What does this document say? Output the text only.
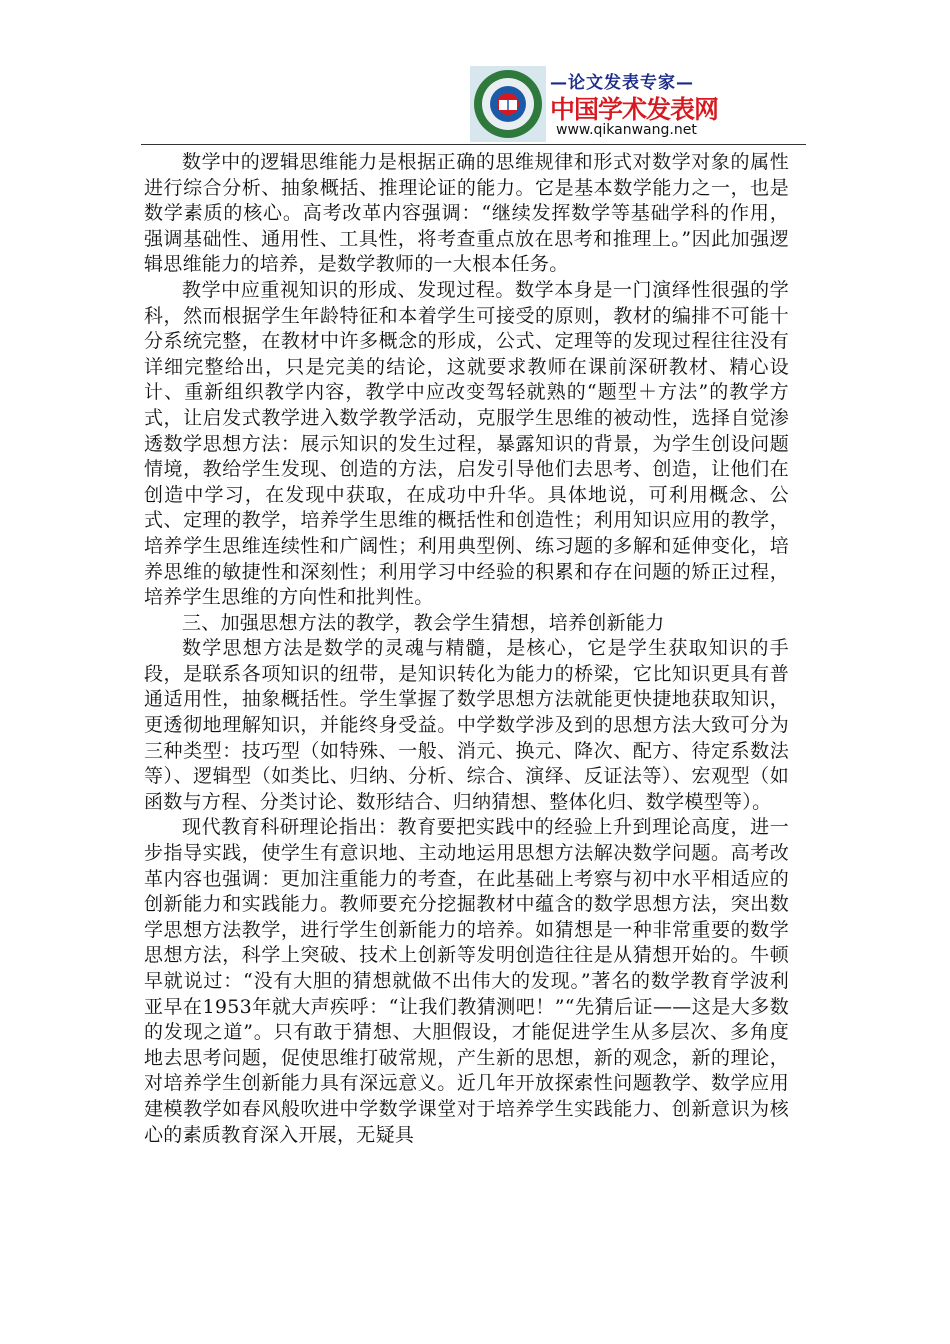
—论文发表专家—
中国学术发表网
www.qikanwang.net

数学中的逻辑思维能力是根据正确的思维规律和形式对数学对象的属性进行综合分析、抽象概括、推理论证的能力。它是基本数学能力之一，也是数学素质的核心。高考改革内容强调：“继续发挥数学等基础学科的作用，强调基础性、通用性、工具性，将考查重点放在思考和推理上。”因此加强逻辑思维能力的培养，是数学教师的一大根本任务。

教学中应重视知识的形成、发现过程。数学本身是一门演绎性很强的学科，然而根据学生年龄特征和本着学生可接受的原则，教材的编排不可能十分系统完整，在教材中许多概念的形成，公式、定理等的发现过程往往没有详细完整给出，只是完美的结论，这就要求教师在课前深研教材、精心设计、重新组织教学内容，教学中应改变驾轻就熟的“题型＋方法”的教学方式，让启发式教学进入数学教学活动，克服学生思维的被动性，选择自觉渗透数学思想方法：展示知识的发生过程，暴露知识的背景，为学生创设问题情境，教给学生发现、创造的方法，启发引导他们去思考、创造，让他们在创造中学习，在发现中获取，在成功中升华。具体地说，可利用概念、公式、定理的教学，培养学生思维的概括性和创造性；利用知识应用的教学，培养学生思维连续性和广阔性；利用典型例、练习题的多解和延伸变化，培养思维的敏捷性和深刻性；利用学习中经验的积累和存在问题的矫正过程，培养学生思维的方向性和批判性。

三、加强思想方法的教学，教会学生猜想，培养创新能力

数学思想方法是数学的灵魂与精髓，是核心，它是学生获取知识的手段，是联系各项知识的纽带，是知识转化为能力的桥梁，它比知识更具有普通适用性，抽象概括性。学生掌握了数学思想方法就能更快捷地获取知识，更透彻地理解知识，并能终身受益。中学数学涉及到的思想方法大致可分为三种类型：技巧型（如特殊、一般、消元、换元、降次、配方、待定系数法等）、逻辑型（如类比、归纳、分析、综合、演绎、反证法等）、宏观型（如函数与方程、分类讨论、数形结合、归纳猜想、整体化归、数学模型等）。

现代教育科研理论指出：教育要把实践中的经验上升到理论高度，进一步指导实践，使学生有意识地、主动地运用思想方法解决数学问题。高考改革内容也强调：更加注重能力的考查，在此基础上考察与初中水平相适应的创新能力和实践能力。教师要充分挖掘教材中蕴含的数学思想方法，突出数学思想方法教学，进行学生创新能力的培养。如猜想是一种非常重要的数学思想方法，科学上突破、技术上创新等发明创造往往是从猜想开始的。牛顿早就说过：“没有大胆的猜想就做不出伟大的发现。”著名的数学教育学波利亚早在1953年就大声疾呼：“让我们教猜测吧！”“先猜后证——这是大多数的发现之道”。只有敢于猜想、大胆假设，才能促进学生从多层次、多角度地去思考问题，促使思维打破常规，产生新的思想，新的观念，新的理论，对培养学生创新能力具有深远意义。近几年开放探索性问题教学、数学应用建模教学如春风般吹进中学数学课堂对于培养学生实践能力、创新意识为核心的素质教育深入开展，无疑具
